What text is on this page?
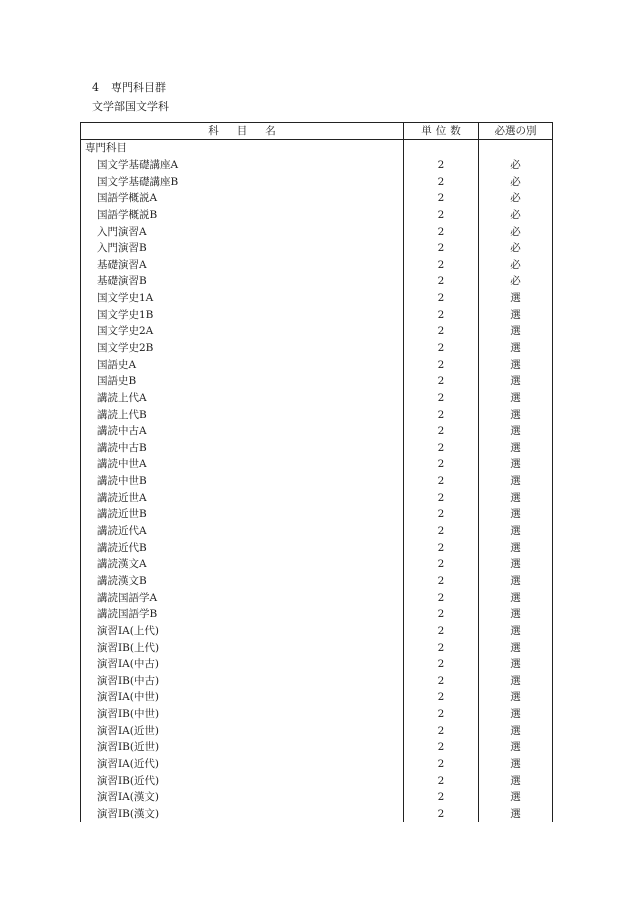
4 専門科目群
文学部国文学科
科目名	単位数	必選の別
専門科目		
国文学基礎講座A	2	必
国文学基礎講座B	2	必
国語学概説A	2	必
国語学概説B	2	必
入門演習A	2	必
入門演習B	2	必
基礎演習A	2	必
基礎演習B	2	必
国文学史1A	2	選
国文学史1B	2	選
国文学史2A	2	選
国文学史2B	2	選
国語史A	2	選
国語史B	2	選
講読上代A	2	選
講読上代B	2	選
講読中古A	2	選
講読中古B	2	選
講読中世A	2	選
講読中世B	2	選
講読近世A	2	選
講読近世B	2	選
講読近代A	2	選
講読近代B	2	選
講読漢文A	2	選
講読漢文B	2	選
講読国語学A	2	選
講読国語学B	2	選
演習ⅠA(上代)	2	選
演習ⅠB(上代)	2	選
演習ⅠA(中古)	2	選
演習ⅠB(中古)	2	選
演習ⅠA(中世)	2	選
演習ⅠB(中世)	2	選
演習ⅠA(近世)	2	選
演習ⅠB(近世)	2	選
演習ⅠA(近代)	2	選
演習ⅠB(近代)	2	選
演習ⅠA(漢文)	2	選
演習ⅠB(漢文)	2	選
